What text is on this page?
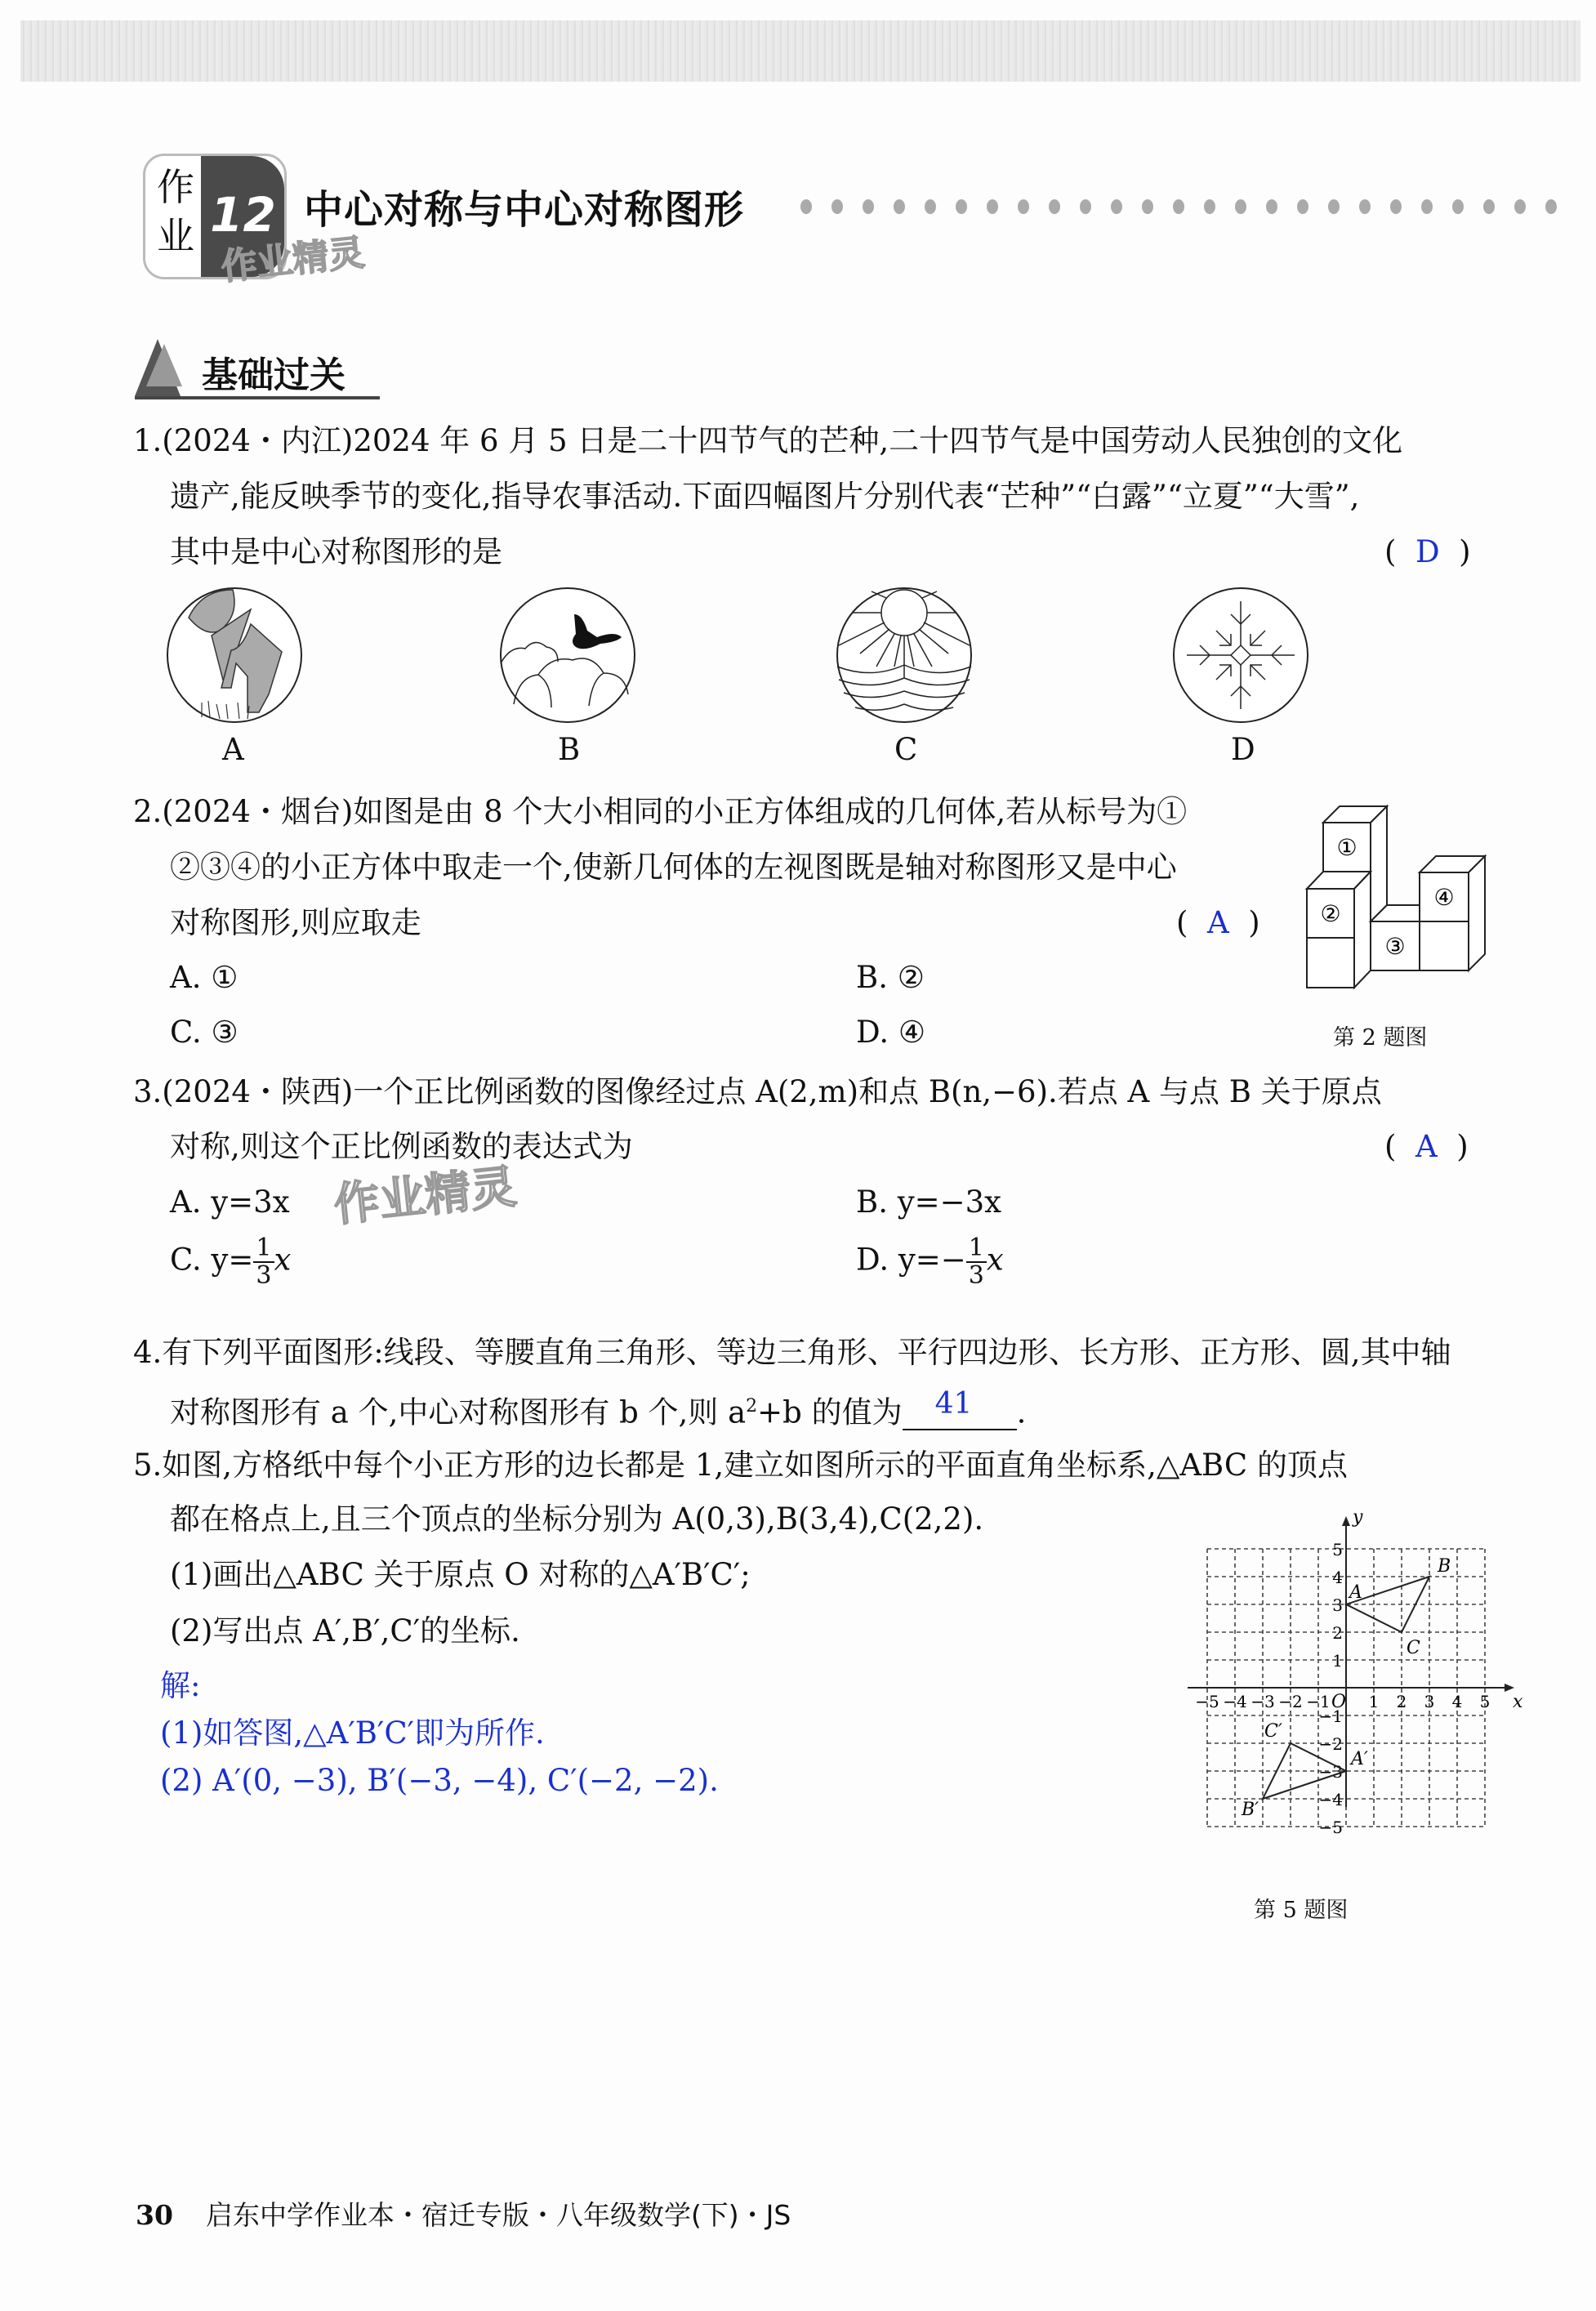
作业 12 中心对称与中心对称图形
作业精灵
基础过关
1.(2024・内江)2024 年 6 月 5 日是二十四节气的芒种,二十四节气是中国劳动人民独创的文化
遗产,能反映季节的变化,指导农事活动.下面四幅图片分别代表“芒种”“白露”“立夏”“大雪”,
其中是中心对称图形的是	(  D  )
A	B	C	D
2.(2024・烟台)如图是由 8 个大小相同的小正方体组成的几何体,若从标号为①
②③④的小正方体中取走一个,使新几何体的左视图既是轴对称图形又是中心
对称图形,则应取走	(  A  )
A. ①	B. ②
C. ③	D. ④
①
②
③
④
第 2 题图
3.(2024・陕西)一个正比例函数的图像经过点 A(2,m)和点 B(n,−6).若点 A 与点 B 关于原点
对称,则这个正比例函数的表达式为	(  A  )
A. y=3x	B. y=−3x
作业精灵
C. $y= \frac{1}{3}$ x	D. $y=- \frac{1}{3}$ x
4.有下列平面图形:线段、等腰直角三角形、等边三角形、平行四边形、长方形、正方形、圆,其中轴
对称图形有 a 个,中心对称图形有 b 个,则 $a^2+b$ 的值为 41 .
5.如图,方格纸中每个小正方形的边长都是 1,建立如图所示的平面直角坐标系,△ABC 的顶点
都在格点上,且三个顶点的坐标分别为 A(0,3),B(3,4),C(2,2).
(1)画出△ABC 关于原点 O 对称的△A′B′C′;
(2)写出点 A′,B′,C′的坐标.
解:
(1)如答图,△A′B′C′即为所作.
(2) A′(0, −3), B′(−3, −4), C′(−2, −2).
x
y
O
−5 −4 −3 −2 −1 1 2 3 4 5
5
4
3
2
1
−1
−2
−3
−4
−5
A
B
C
A′
B′
C′
第 5 题图
30 启东中学作业本・宿迁专版・八年级数学(下)・JS
